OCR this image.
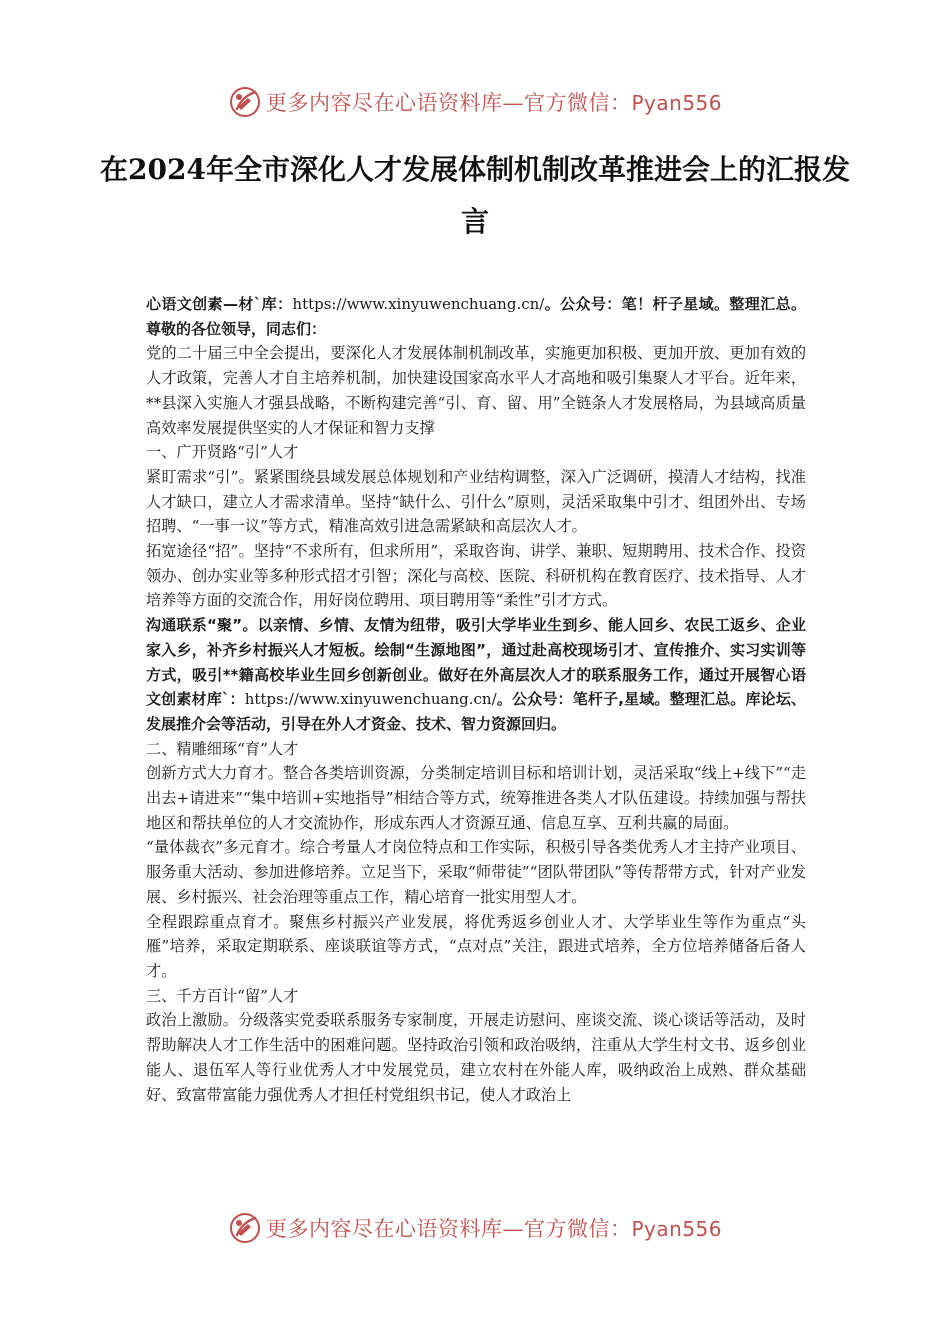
更多内容尽在心语资料库—官方微信：Pyan556
在2024年全市深化人才发展体制机制改革推进会上的汇报发言

心语文创素—材`库：https://www.xinyuwenchuang.cn/。公众号：笔！杆子星域。整理汇总。尊敬的各位领导，同志们：

党的二十届三中全会提出，要深化人才发展体制机制改革，实施更加积极、更加开放、更加有效的人才政策，完善人才自主培养机制，加快建设国家高水平人才高地和吸引集聚人才平台。近年来，**县深入实施人才强县战略，不断构建完善“引、育、留、用”全链条人才发展格局，为县域高质量高效率发展提供坚实的人才保证和智力支撑

一、广开贤路“引”人才

紧盯需求“引”。紧紧围绕县域发展总体规划和产业结构调整，深入广泛调研，摸清人才结构，找准人才缺口，建立人才需求清单。坚持“缺什么、引什么”原则，灵活采取集中引才、组团外出、专场招聘、“一事一议”等方式，精准高效引进急需紧缺和高层次人才。

拓宽途径“招”。坚持“不求所有，但求所用”，采取咨询、讲学、兼职、短期聘用、技术合作、投资领办、创办实业等多种形式招才引智；深化与高校、医院、科研机构在教育医疗、技术指导、人才培养等方面的交流合作，用好岗位聘用、项目聘用等“柔性”引才方式。

沟通联系“聚”。以亲情、乡情、友情为纽带，吸引大学毕业生到乡、能人回乡、农民工返乡、企业家入乡，补齐乡村振兴人才短板。绘制“生源地图”，通过赴高校现场引才、宣传推介、实习实训等方式，吸引**籍高校毕业生回乡创新创业。做好在外高层次人才的联系服务工作，通过开展智心语文创素材库`：https://www.xinyuwenchuang.cn/。公众号：笔杆子,星域。整理汇总。库论坛、发展推介会等活动，引导在外人才资金、技术、智力资源回归。

二、精雕细琢“育”人才

创新方式大力育才。整合各类培训资源，分类制定培训目标和培训计划，灵活采取“线上+线下”“走出去+请进来”“集中培训+实地指导”相结合等方式，统筹推进各类人才队伍建设。持续加强与帮扶地区和帮扶单位的人才交流协作，形成东西人才资源互通、信息互享、互利共赢的局面。

“量体裁衣”多元育才。综合考量人才岗位特点和工作实际，积极引导各类优秀人才主持产业项目、服务重大活动、参加进修培养。立足当下，采取“师带徒”“团队带团队”等传帮带方式，针对产业发展、乡村振兴、社会治理等重点工作，精心培育一批实用型人才。

全程跟踪重点育才。聚焦乡村振兴产业发展，将优秀返乡创业人才、大学毕业生等作为重点“头雁”培养，采取定期联系、座谈联谊等方式，“点对点”关注，跟进式培养，全方位培养储备后备人才。

三、千方百计“留”人才

政治上激励。分级落实党委联系服务专家制度，开展走访慰问、座谈交流、谈心谈话等活动，及时帮助解决人才工作生活中的困难问题。坚持政治引领和政治吸纳，注重从大学生村文书、返乡创业能人、退伍军人等行业优秀人才中发展党员，建立农村在外能人库，吸纳政治上成熟、群众基础好、致富带富能力强优秀人才担任村党组织书记，使人才政治上

更多内容尽在心语资料库—官方微信：Pyan556
